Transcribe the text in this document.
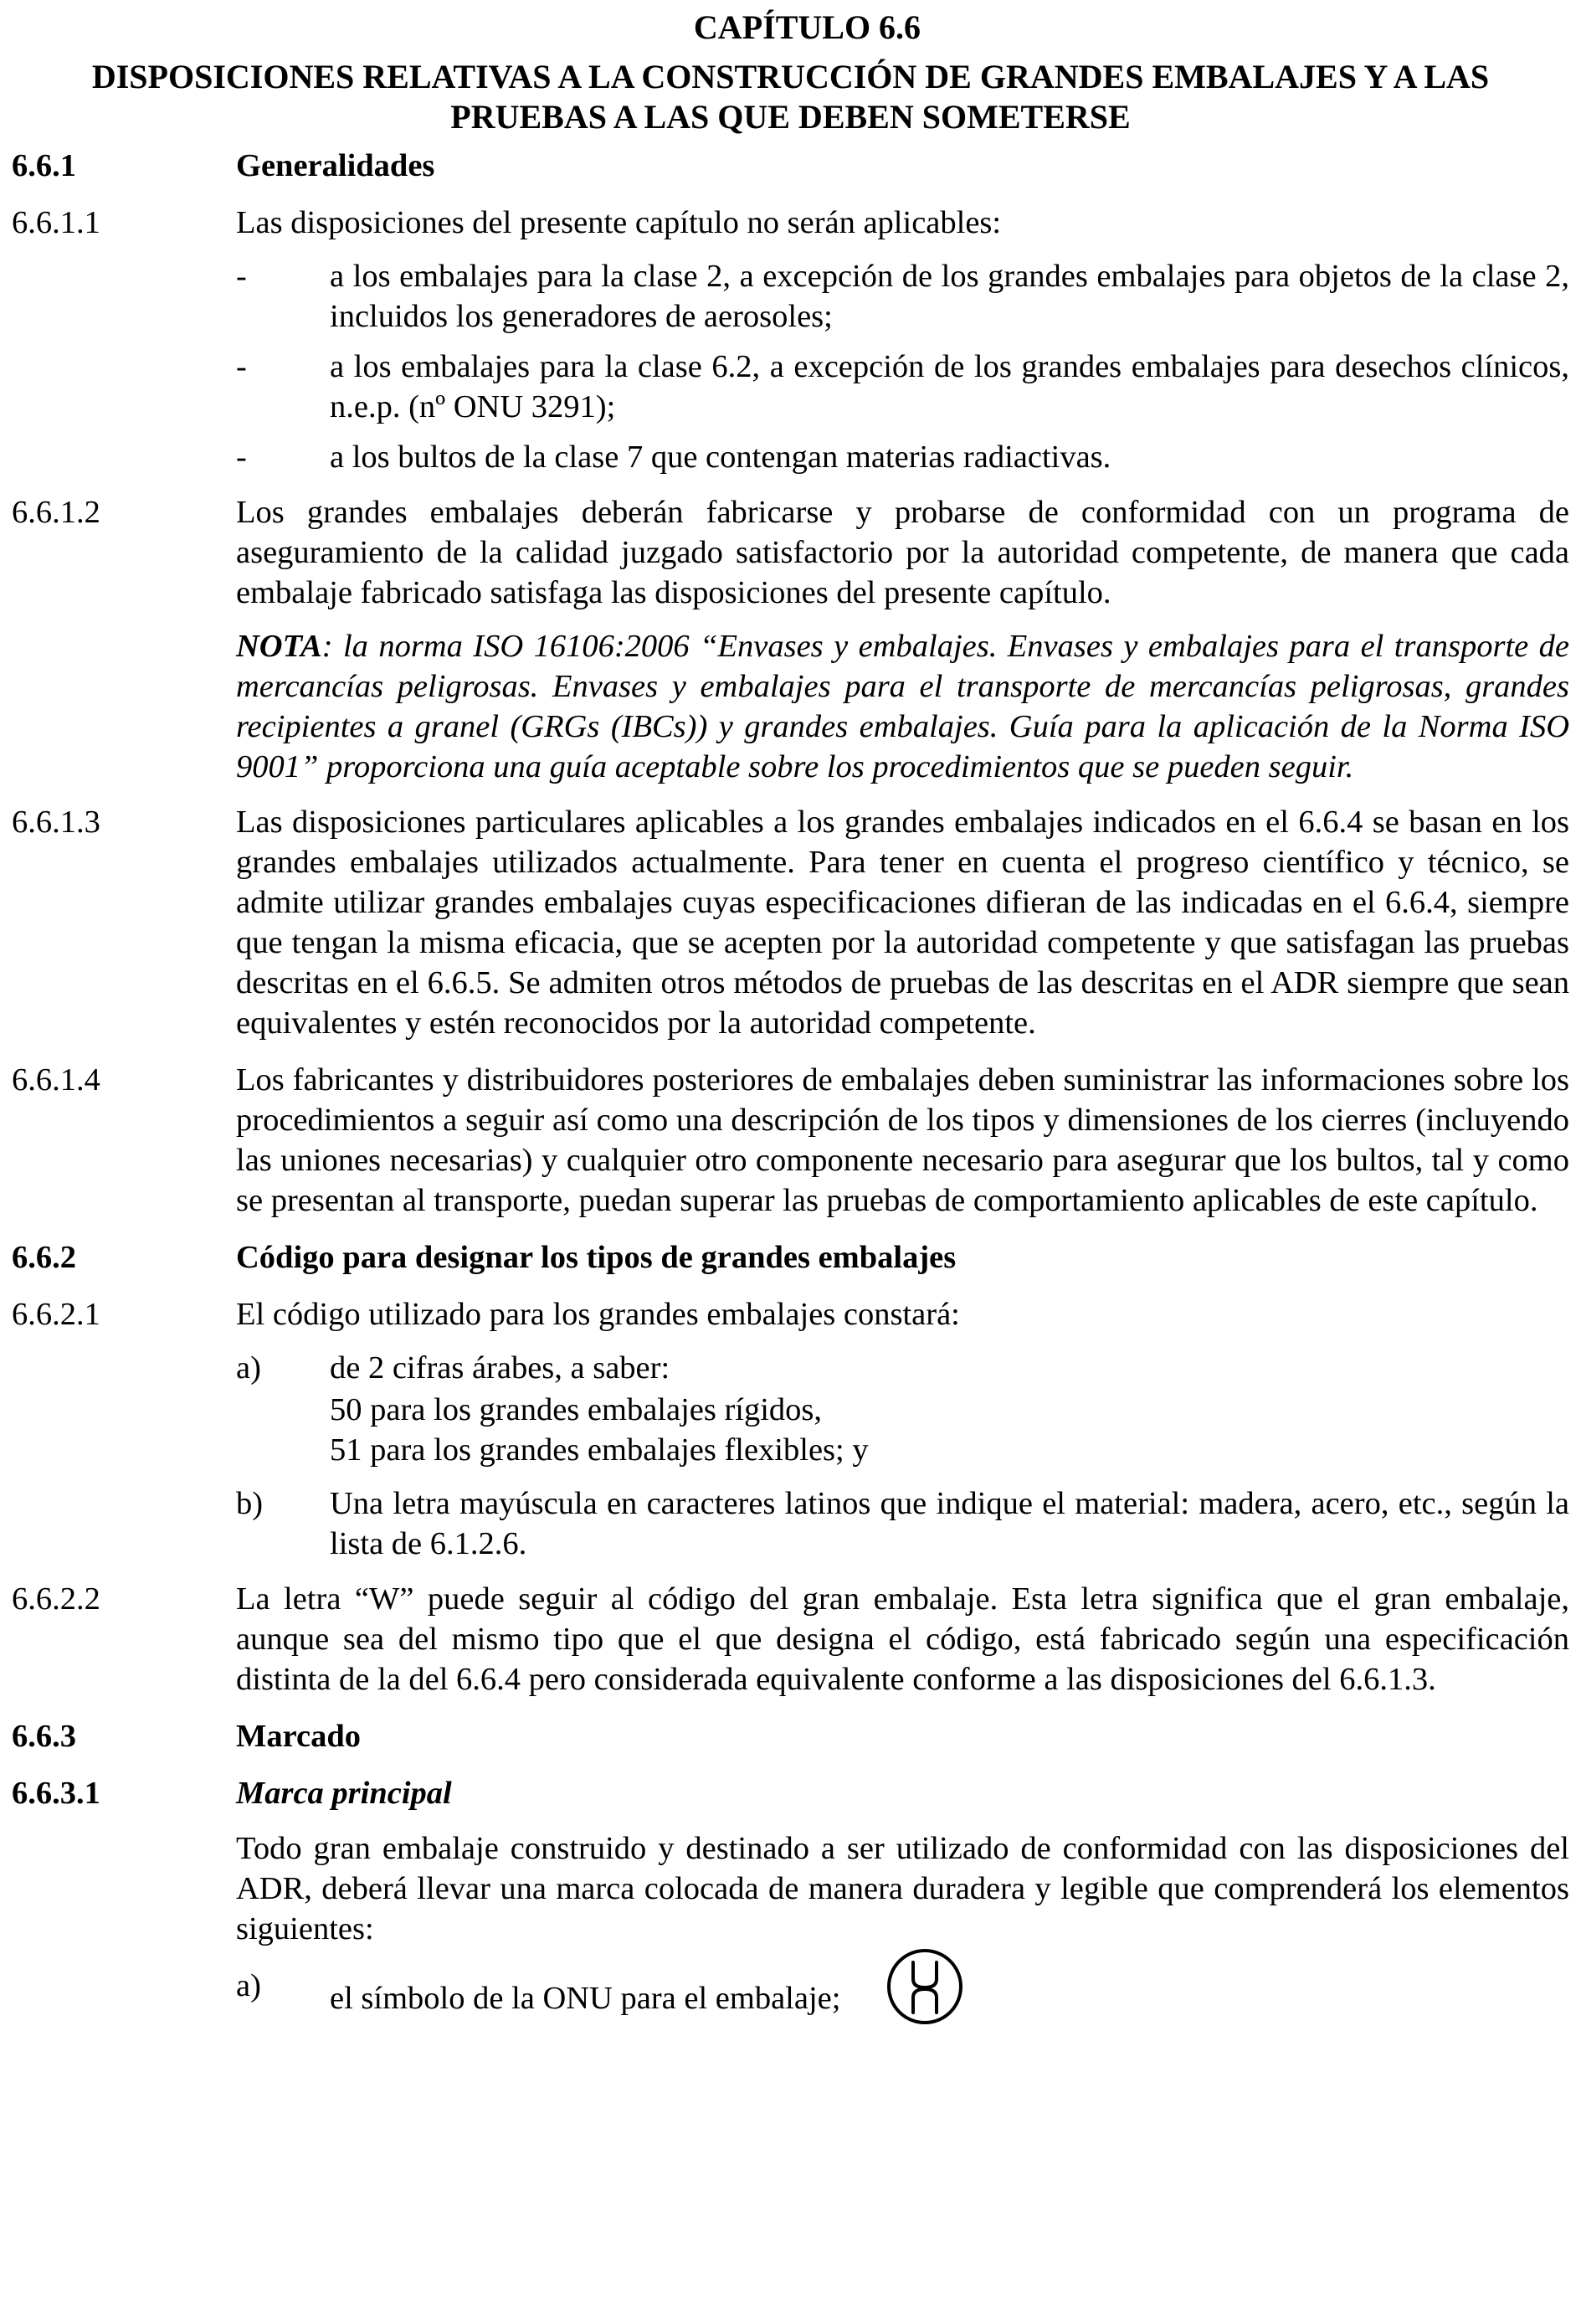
CAPÍTULO 6.6
DISPOSICIONES RELATIVAS A LA CONSTRUCCIÓN DE GRANDES EMBALAJES Y A LAS
PRUEBAS A LAS QUE DEBEN SOMETERSE
6.6.1	Generalidades
6.6.1.1	Las disposiciones del presente capítulo no serán aplicables:
-	a los embalajes para la clase 2, a excepción de los grandes embalajes para objetos de la clase 2, incluidos los generadores de aerosoles;
-	a los embalajes para la clase 6.2, a excepción de los grandes embalajes para desechos clínicos, n.e.p. (nº ONU 3291);
-	a los bultos de la clase 7 que contengan materias radiactivas.
6.6.1.2	Los grandes embalajes deberán fabricarse y probarse de conformidad con un programa de aseguramiento de la calidad juzgado satisfactorio por la autoridad competente, de manera que cada embalaje fabricado satisfaga las disposiciones del presente capítulo.
NOTA: la norma ISO 16106:2006 “Envases y embalajes. Envases y embalajes para el transporte de mercancías peligrosas. Envases y embalajes para el transporte de mercancías peligrosas, grandes recipientes a granel (GRGs (IBCs)) y grandes embalajes. Guía para la aplicación de la Norma ISO 9001” proporciona una guía aceptable sobre los procedimientos que se pueden seguir.
6.6.1.3	Las disposiciones particulares aplicables a los grandes embalajes indicados en el 6.6.4 se basan en los grandes embalajes utilizados actualmente. Para tener en cuenta el progreso científico y técnico, se admite utilizar grandes embalajes cuyas especificaciones difieran de las indicadas en el 6.6.4, siempre que tengan la misma eficacia, que se acepten por la autoridad competente y que satisfagan las pruebas descritas en el 6.6.5. Se admiten otros métodos de pruebas de las descritas en el ADR siempre que sean equivalentes y estén reconocidos por la autoridad competente.
6.6.1.4	Los fabricantes y distribuidores posteriores de embalajes deben suministrar las informaciones sobre los procedimientos a seguir así como una descripción de los tipos y dimensiones de los cierres (incluyendo las uniones necesarias) y cualquier otro componente necesario para asegurar que los bultos, tal y como se presentan al transporte, puedan superar las pruebas de comportamiento aplicables de este capítulo.
6.6.2	Código para designar los tipos de grandes embalajes
6.6.2.1	El código utilizado para los grandes embalajes constará:
a)	de 2 cifras árabes, a saber:
50 para los grandes embalajes rígidos,
51 para los grandes embalajes flexibles; y
b)	Una letra mayúscula en caracteres latinos que indique el material: madera, acero, etc., según la lista de 6.1.2.6.
6.6.2.2	La letra “W” puede seguir al código del gran embalaje. Esta letra significa que el gran embalaje, aunque sea del mismo tipo que el que designa el código, está fabricado según una especificación distinta de la del 6.6.4 pero considerada equivalente conforme a las disposiciones del 6.6.1.3.
6.6.3	Marcado
6.6.3.1	Marca principal
Todo gran embalaje construido y destinado a ser utilizado de conformidad con las disposiciones del ADR, deberá llevar una marca colocada de manera duradera y legible que comprenderá los elementos siguientes:
a)	el símbolo de la ONU para el embalaje;
